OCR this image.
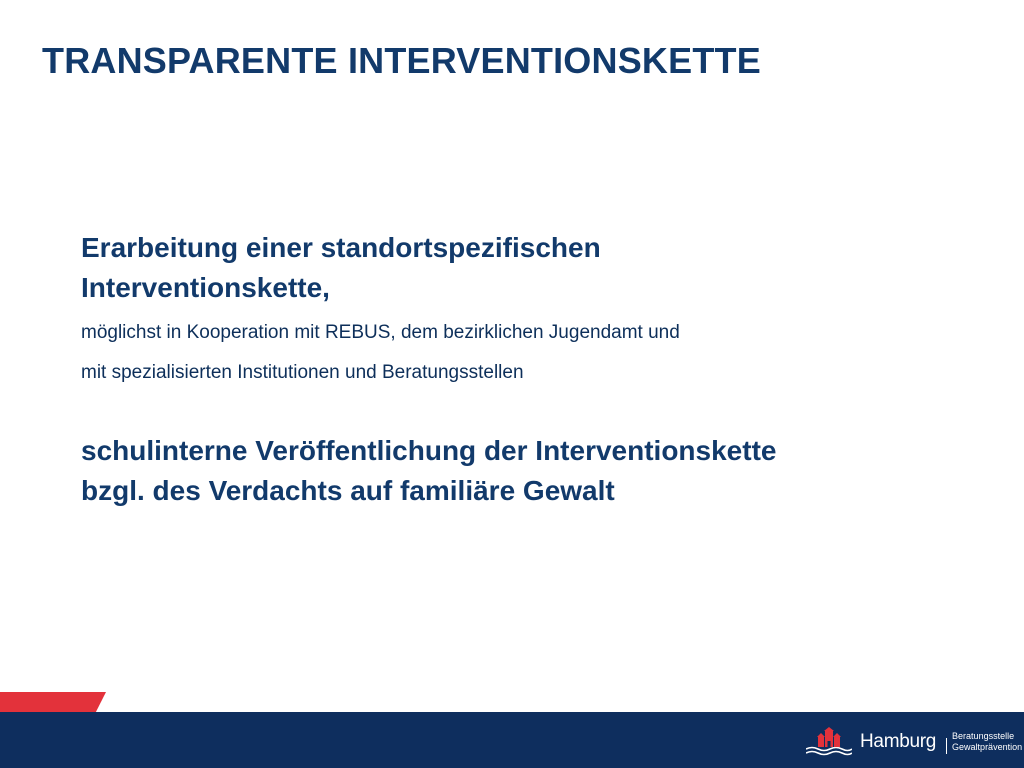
TRANSPARENTE INTERVENTIONSKETTE

Erarbeitung einer standortspezifischen
Interventionskette,

möglichst in Kooperation mit REBUS, dem bezirklichen Jugendamt und

mit spezialisierten Institutionen und Beratungsstellen

schulinterne Veröffentlichung der Interventionskette
bzgl. des Verdachts auf familiäre Gewalt

Hamburg Beratungsstelle
Gewaltprävention
